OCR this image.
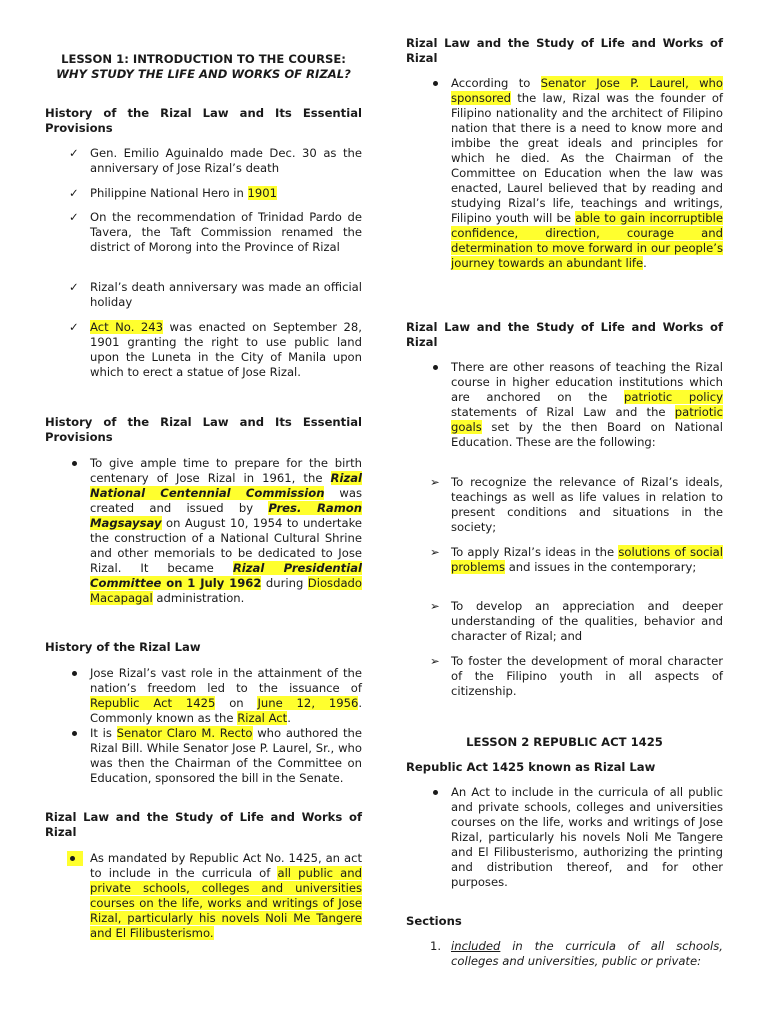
LESSON 1: INTRODUCTION TO THE COURSE:
WHY STUDY THE LIFE AND WORKS OF RIZAL?
History of the Rizal Law and Its Essential Provisions
✓ Gen. Emilio Aguinaldo made Dec. 30 as the anniversary of Jose Rizal’s death
✓ Philippine National Hero in 1901
✓ On the recommendation of Trinidad Pardo de Tavera, the Taft Commission renamed the district of Morong into the Province of Rizal
✓ Rizal’s death anniversary was made an official holiday
✓ Act No. 243 was enacted on September 28, 1901 granting the right to use public land upon the Luneta in the City of Manila upon which to erect a statue of Jose Rizal.
History of the Rizal Law and Its Essential Provisions
To give ample time to prepare for the birth centenary of Jose Rizal in 1961, the Rizal National Centennial Commission was created and issued by Pres. Ramon Magsaysay on August 10, 1954 to undertake the construction of a National Cultural Shrine and other memorials to be dedicated to Jose Rizal. It became Rizal Presidential Committee on 1 July 1962 during Diosdado Macapagal administration.
History of the Rizal Law
Jose Rizal’s vast role in the attainment of the nation’s freedom led to the issuance of Republic Act 1425 on June 12, 1956. Commonly known as the Rizal Act.
It is Senator Claro M. Recto who authored the Rizal Bill. While Senator Jose P. Laurel, Sr., who was then the Chairman of the Committee on Education, sponsored the bill in the Senate.
Rizal Law and the Study of Life and Works of Rizal
As mandated by Republic Act No. 1425, an act to include in the curricula of all public and private schools, colleges and universities courses on the life, works and writings of Jose Rizal, particularly his novels Noli Me Tangere and El Filibusterismo.
Rizal Law and the Study of Life and Works of Rizal
According to Senator Jose P. Laurel, who sponsored the law, Rizal was the founder of Filipino nationality and the architect of Filipino nation that there is a need to know more and imbibe the great ideals and principles for which he died. As the Chairman of the Committee on Education when the law was enacted, Laurel believed that by reading and studying Rizal’s life, teachings and writings, Filipino youth will be able to gain incorruptible confidence, direction, courage and determination to move forward in our people’s journey towards an abundant life.
Rizal Law and the Study of Life and Works of Rizal
There are other reasons of teaching the Rizal course in higher education institutions which are anchored on the patriotic policy statements of Rizal Law and the patriotic goals set by the then Board on National Education. These are the following:
➢ To recognize the relevance of Rizal’s ideals, teachings as well as life values in relation to present conditions and situations in the society;
➢ To apply Rizal’s ideas in the solutions of social problems and issues in the contemporary;
➢ To develop an appreciation and deeper understanding of the qualities, behavior and character of Rizal; and
➢ To foster the development of moral character of the Filipino youth in all aspects of citizenship.
LESSON 2 REPUBLIC ACT 1425
Republic Act 1425 known as Rizal Law
An Act to include in the curricula of all public and private schools, colleges and universities courses on the life, works and writings of Jose Rizal, particularly his novels Noli Me Tangere and El Filibusterismo, authorizing the printing and distribution thereof, and for other purposes.
Sections
1. included in the curricula of all schools, colleges and universities, public or private:
